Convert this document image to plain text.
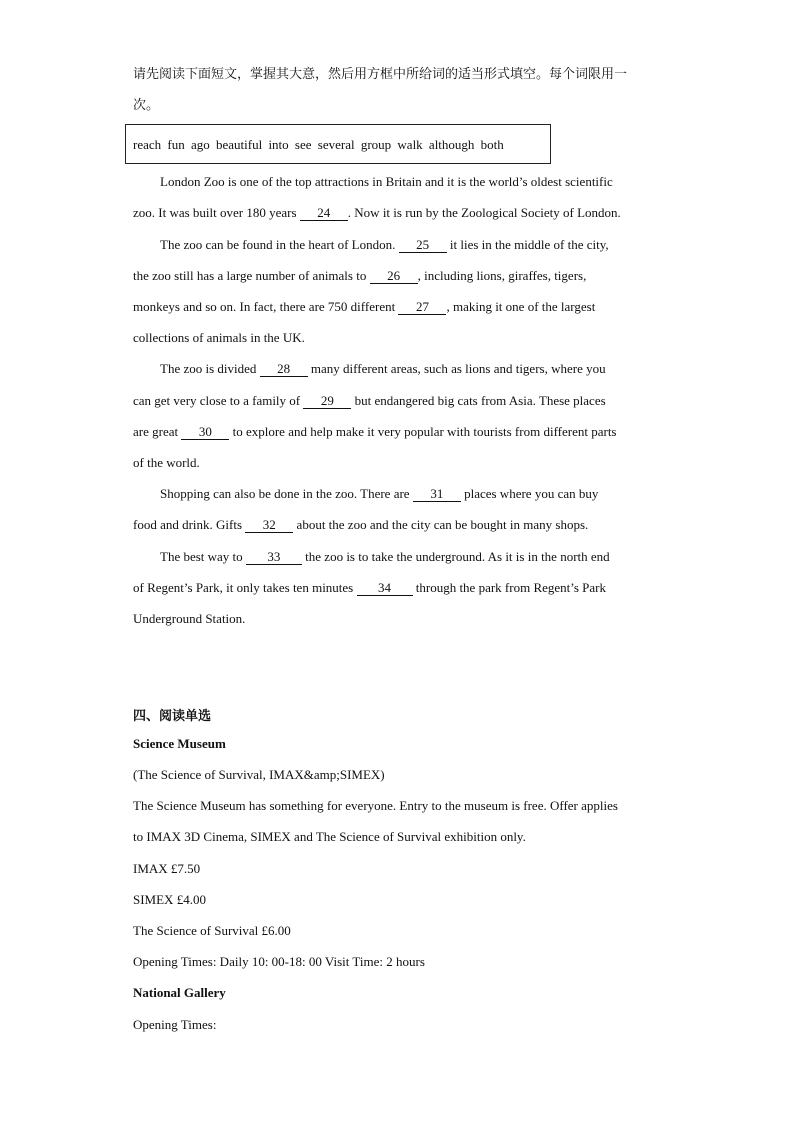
请先阅读下面短文，掌握其大意，然后用方框中所给词的适当形式填空。每个词限用一
次。
reach fun ago beautiful into see several group walk although both
London Zoo is one of the top attractions in Britain and it is the world’s oldest scientific
zoo. It was built over 180 years 24 . Now it is run by the Zoological Society of London.
The zoo can be found in the heart of London. 25 it lies in the middle of the city,
the zoo still has a large number of animals to 26 , including lions, giraffes, tigers,
monkeys and so on. In fact, there are 750 different 27 , making it one of the largest
collections of animals in the UK.
The zoo is divided 28 many different areas, such as lions and tigers, where you
can get very close to a family of 29 but endangered big cats from Asia. These places
are great 30 to explore and help make it very popular with tourists from different parts
of the world.
Shopping can also be done in the zoo. There are 31 places where you can buy
food and drink. Gifts 32 about the zoo and the city can be bought in many shops.
The best way to 33 the zoo is to take the underground. As it is in the north end
of Regent’s Park, it only takes ten minutes 34 through the park from Regent’s Park
Underground Station.
四、阅读单选
Science Museum
(The Science of Survival, IMAX&amp;SIMEX)
The Science Museum has something for everyone. Entry to the museum is free. Offer applies
to IMAX 3D Cinema, SIMEX and The Science of Survival exhibition only.
IMAX £7.50
SIMEX £4.00
The Science of Survival £6.00
Opening Times: Daily 10: 00-18: 00 Visit Time: 2 hours
National Gallery
Opening Times:
